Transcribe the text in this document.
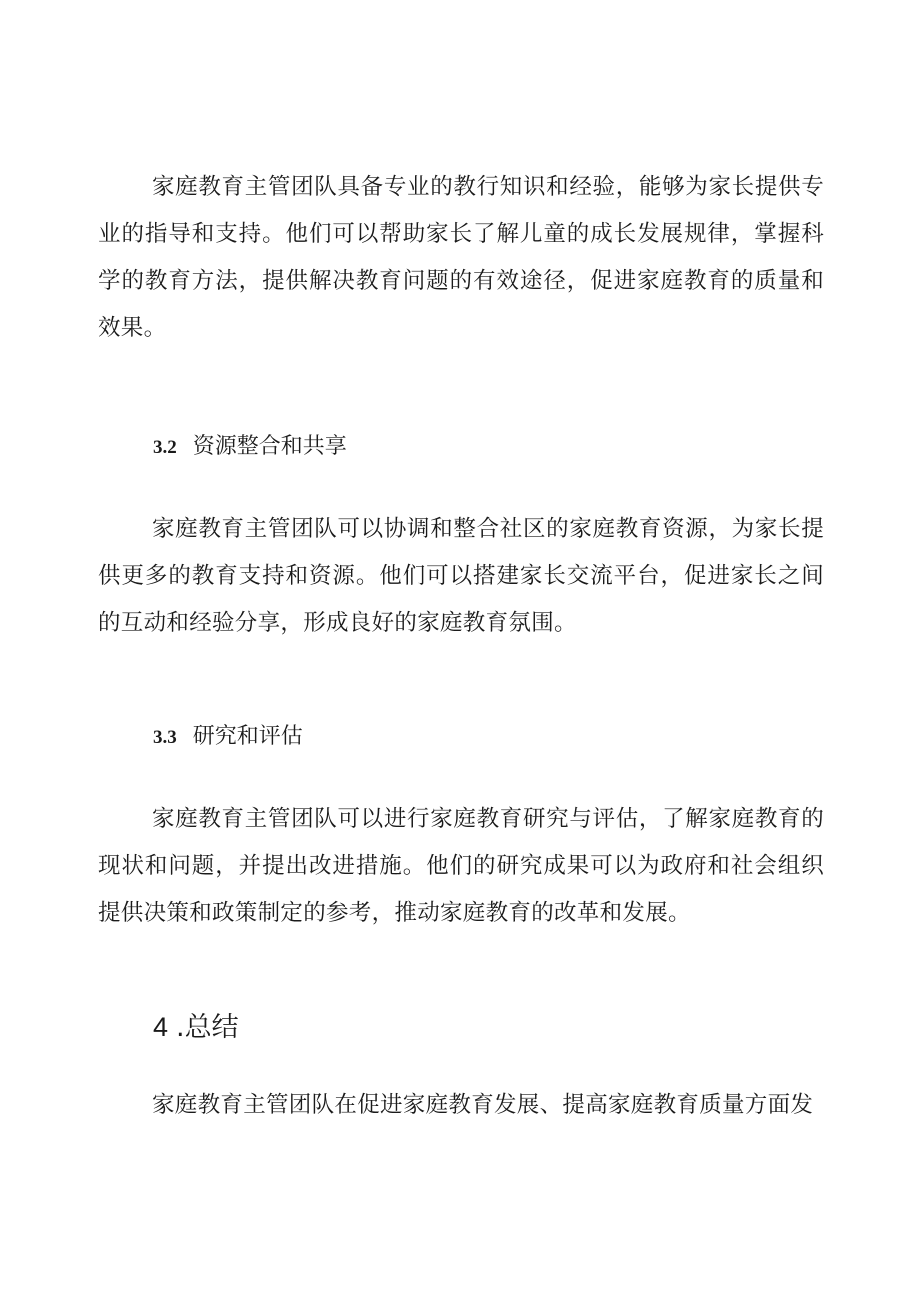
家庭教育主管团队具备专业的教行知识和经验，能够为家长提供专业的指导和支持。他们可以帮助家长了解儿童的成长发展规律，掌握科学的教育方法，提供解决教育问题的有效途径，促进家庭教育的质量和效果。

3.2 资源整合和共享

家庭教育主管团队可以协调和整合社区的家庭教育资源，为家长提供更多的教育支持和资源。他们可以搭建家长交流平台，促进家长之间的互动和经验分享，形成良好的家庭教育氛围。

3.3 研究和评估

家庭教育主管团队可以进行家庭教育研究与评估，了解家庭教育的现状和问题，并提出改进措施。他们的研究成果可以为政府和社会组织提供决策和政策制定的参考，推动家庭教育的改革和发展。

4 .总结

家庭教育主管团队在促进家庭教育发展、提高家庭教育质量方面发
